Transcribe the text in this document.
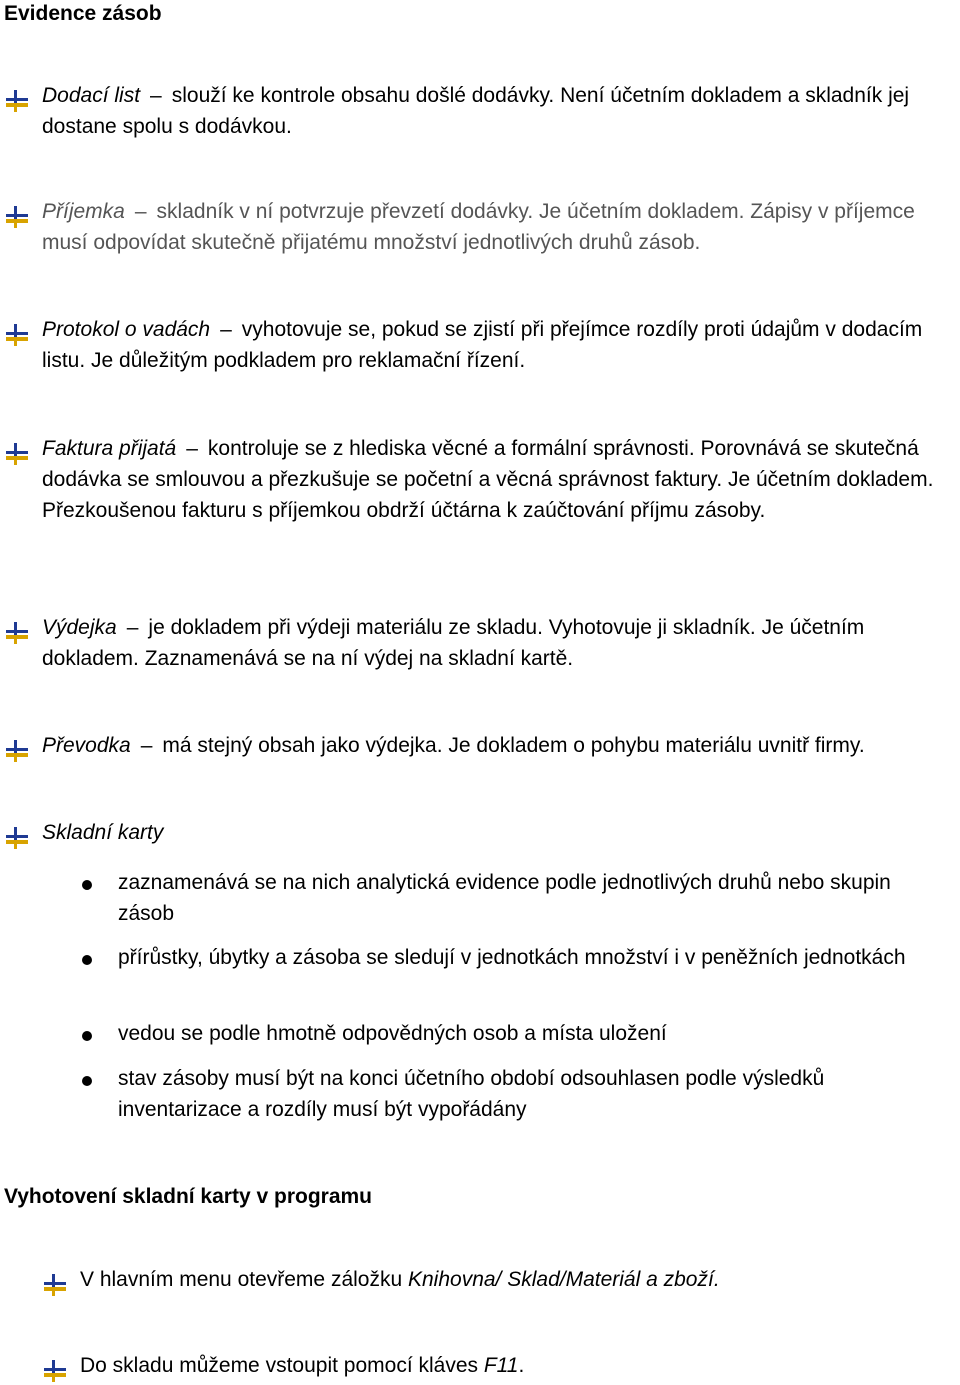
Evidence zásob
Dodací list – slouží ke kontrole obsahu došlé dodávky. Není účetním dokladem a skladník jej dostane spolu s dodávkou.
Příjemka – skladník v ní potvrzuje převzetí dodávky. Je účetním dokladem. Zápisy v příjemce musí odpovídat skutečně přijatému množství jednotlivých druhů zásob.
Protokol o vadách – vyhotovuje se, pokud se zjistí při přejímce rozdíly proti údajům v dodacím listu. Je důležitým podkladem pro reklamační řízení.
Faktura přijatá – kontroluje se z hlediska věcné a formální správnosti. Porovnává se skutečná dodávka se smlouvou a přezkušuje se početní a věcná správnost faktury. Je účetním dokladem. Přezkoušenou fakturu s příjemkou obdrží účtárna k zaúčtování příjmu zásoby.
Výdejka – je dokladem při výdeji materiálu ze skladu. Vyhotovuje ji skladník. Je účetním dokladem. Zaznamenává se na ní výdej na skladní kartě.
Převodka – má stejný obsah jako výdejka. Je dokladem o pohybu materiálu uvnitř firmy.
Skladní karty
zaznamenává se na nich analytická evidence podle jednotlivých druhů nebo skupin zásob
přírůstky, úbytky a zásoba se sledují v jednotkách množství i v peněžních jednotkách
vedou se podle hmotně odpovědných osob a místa uložení
stav zásoby musí být na konci účetního období odsouhlasen podle výsledků inventarizace a rozdíly musí být vypořádány
Vyhotovení skladní karty v programu
V hlavním menu otevřeme záložku Knihovna/ Sklad/Materiál a zboží.
Do skladu můžeme vstoupit pomocí kláves F11.
